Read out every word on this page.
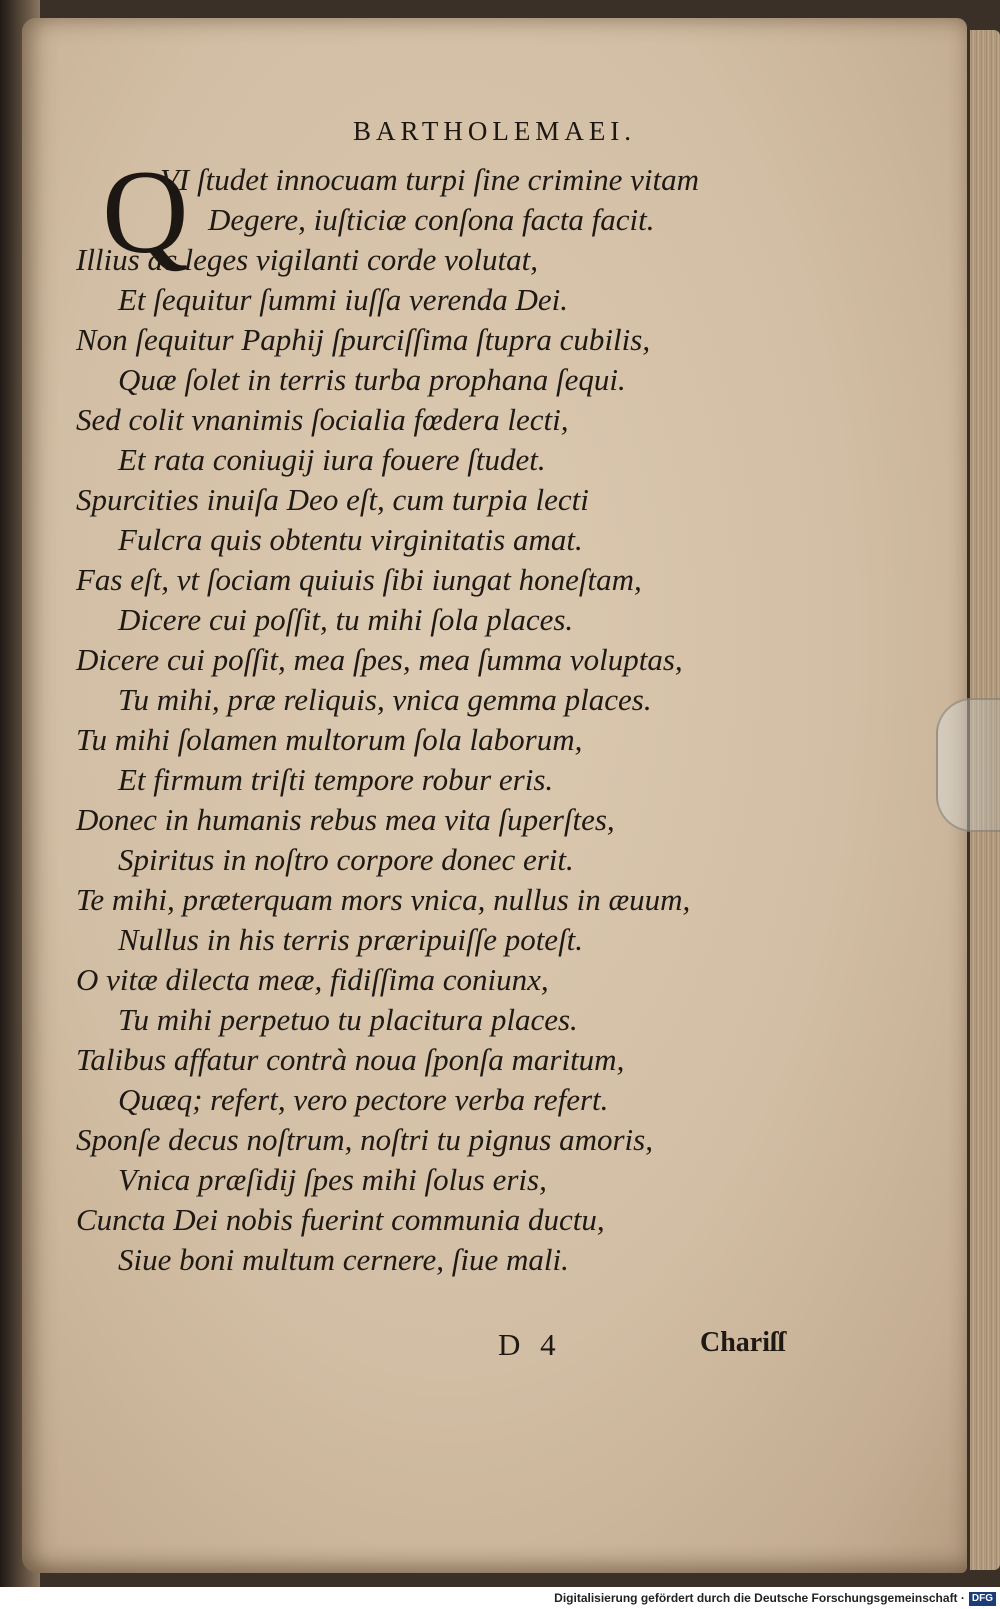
BARTHOLEMAEI.
Q
VI ſtudet innocuam turpi ſine crimine vitam
Degere, iuſticiæ conſona facta facit.
Illius ac leges vigilanti corde volutat,
Et ſequitur ſummi iuſſa verenda Dei.
Non ſequitur Paphij ſpurciſſima ſtupra cubilis,
Quæ ſolet in terris turba prophana ſequi.
Sed colit vnanimis ſocialia fœdera lecti,
Et rata coniugij iura fouere ſtudet.
Spurcities inuiſa Deo eſt, cum turpia lecti
Fulcra quis obtentu virginitatis amat.
Fas eſt, vt ſociam quiuis ſibi iungat honeſtam,
Dicere cui poſſit, tu mihi ſola places.
Dicere cui poſſit, mea ſpes, mea ſumma voluptas,
Tu mihi, præ reliquis, vnica gemma places.
Tu mihi ſolamen multorum ſola laborum,
Et firmum triſti tempore robur eris.
Donec in humanis rebus mea vita ſuperſtes,
Spiritus in noſtro corpore donec erit.
Te mihi, præterquam mors vnica, nullus in æuum,
Nullus in his terris præripuiſſe poteſt.
O vitæ dilecta meæ, fidiſſima coniunx,
Tu mihi perpetuo tu placitura places.
Talibus affatur contrà noua ſponſa maritum,
Quæq; refert, vero pectore verba refert.
Sponſe decus noſtrum, noſtri tu pignus amoris,
Vnica præſidij ſpes mihi ſolus eris,
Cuncta Dei nobis fuerint communia ductu,
Siue boni multum cernere, ſiue mali.
D 4	Chariſſ
Digitalisierung gefördert durch die Deutsche Forschungsgemeinschaft · DFG
